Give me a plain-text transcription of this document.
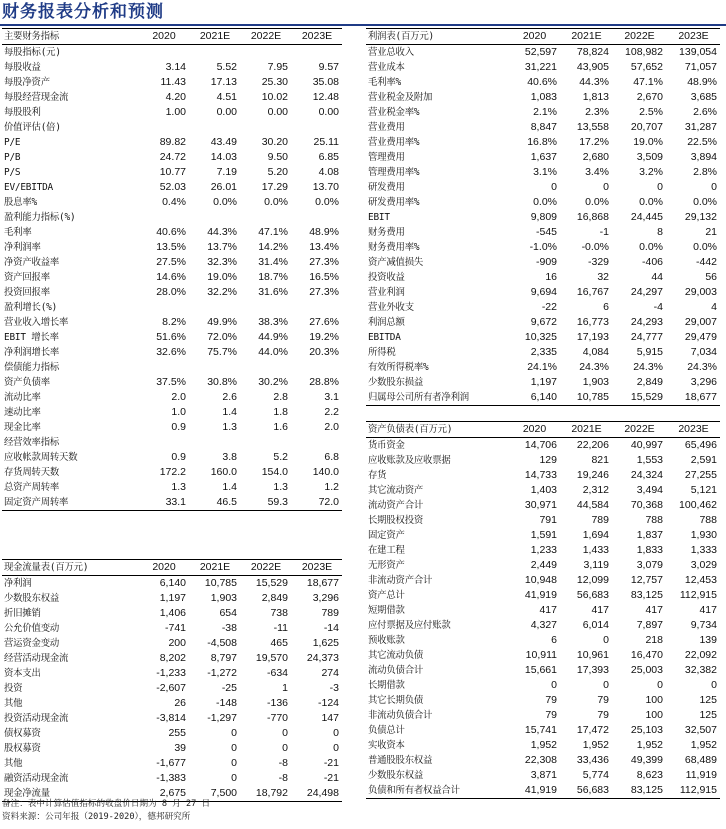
财务报表分析和预测
主要财务指标	2020	2021E	2022E	2023E
每股指标(元)				
每股收益	3.14	5.52	7.95	9.57
每股净资产	11.43	17.13	25.30	35.08
每股经营现金流	4.20	4.51	10.02	12.48
每股股利	1.00	0.00	0.00	0.00
价值评估(倍)				
P/E	89.82	43.49	30.20	25.11
P/B	24.72	14.03	9.50	6.85
P/S	10.77	7.19	5.20	4.08
EV/EBITDA	52.03	26.01	17.29	13.70
股息率%	0.4%	0.0%	0.0%	0.0%
盈利能力指标(%)				
毛利率	40.6%	44.3%	47.1%	48.9%
净利润率	13.5%	13.7%	14.2%	13.4%
净资产收益率	27.5%	32.3%	31.4%	27.3%
资产回报率	14.6%	19.0%	18.7%	16.5%
投资回报率	28.0%	32.2%	31.6%	27.3%
盈利增长(%)				
营业收入增长率	8.2%	49.9%	38.3%	27.6%
EBIT 增长率	51.6%	72.0%	44.9%	19.2%
净利润增长率	32.6%	75.7%	44.0%	20.3%
偿债能力指标				
资产负债率	37.5%	30.8%	30.2%	28.8%
流动比率	2.0	2.6	2.8	3.1
速动比率	1.0	1.4	1.8	2.2
现金比率	0.9	1.3	1.6	2.0
经营效率指标				
应收帐款周转天数	0.9	3.8	5.2	6.8
存货周转天数	172.2	160.0	154.0	140.0
总资产周转率	1.3	1.4	1.3	1.2
固定资产周转率	33.1	46.5	59.3	72.0
利润表(百万元)	2020	2021E	2022E	2023E
营业总收入	52,597	78,824	108,982	139,054
营业成本	31,221	43,905	57,652	71,057
毛利率%	40.6%	44.3%	47.1%	48.9%
营业税金及附加	1,083	1,813	2,670	3,685
营业税金率%	2.1%	2.3%	2.5%	2.6%
营业费用	8,847	13,558	20,707	31,287
营业费用率%	16.8%	17.2%	19.0%	22.5%
管理费用	1,637	2,680	3,509	3,894
管理费用率%	3.1%	3.4%	3.2%	2.8%
研发费用	0	0	0	0
研发费用率%	0.0%	0.0%	0.0%	0.0%
EBIT	9,809	16,868	24,445	29,132
财务费用	-545	-1	8	21
财务费用率%	-1.0%	-0.0%	0.0%	0.0%
资产减值损失	-909	-329	-406	-442
投资收益	16	32	44	56
营业利润	9,694	16,767	24,297	29,003
营业外收支	-22	6	-4	4
利润总额	9,672	16,773	24,293	29,007
EBITDA	10,325	17,193	24,777	29,479
所得税	2,335	4,084	5,915	7,034
有效所得税率%	24.1%	24.3%	24.3%	24.3%
少数股东损益	1,197	1,903	2,849	3,296
归属母公司所有者净利润	6,140	10,785	15,529	18,677
资产负债表(百万元)	2020	2021E	2022E	2023E
货币资金	14,706	22,206	40,997	65,496
应收账款及应收票据	129	821	1,553	2,591
存货	14,733	19,246	24,324	27,255
其它流动资产	1,403	2,312	3,494	5,121
流动资产合计	30,971	44,584	70,368	100,462
长期股权投资	791	789	788	788
固定资产	1,591	1,694	1,837	1,930
在建工程	1,233	1,433	1,833	1,333
无形资产	2,449	3,119	3,079	3,029
非流动资产合计	10,948	12,099	12,757	12,453
资产总计	41,919	56,683	83,125	112,915
短期借款	417	417	417	417
应付票据及应付账款	4,327	6,014	7,897	9,734
预收账款	6	0	218	139
其它流动负债	10,911	10,961	16,470	22,092
流动负债合计	15,661	17,393	25,003	32,382
长期借款	0	0	0	0
其它长期负债	79	79	100	125
非流动负债合计	79	79	100	125
负债总计	15,741	17,472	25,103	32,507
实收资本	1,952	1,952	1,952	1,952
普通股股东权益	22,308	33,436	49,399	68,489
少数股东权益	3,871	5,774	8,623	11,919
负债和所有者权益合计	41,919	56,683	83,125	112,915
现金流量表(百万元)	2020	2021E	2022E	2023E
净利润	6,140	10,785	15,529	18,677
少数股东权益	1,197	1,903	2,849	3,296
折旧摊销	1,406	654	738	789
公允价值变动	-741	-38	-11	-14
营运资金变动	200	-4,508	465	1,625
经营活动现金流	8,202	8,797	19,570	24,373
资本支出	-1,233	-1,272	-634	274
投资	-2,607	-25	1	-3
其他	26	-148	-136	-124
投资活动现金流	-3,814	-1,297	-770	147
债权募资	255	0	0	0
股权募资	39	0	0	0
其他	-1,677	0	-8	-21
融资活动现金流	-1,383	0	-8	-21
现金净流量	2,675	7,500	18,792	24,498
备注：表中计算估值指标的收盘价日期为 8 月 27 日
资料来源：公司年报（2019-2020），德邦研究所
